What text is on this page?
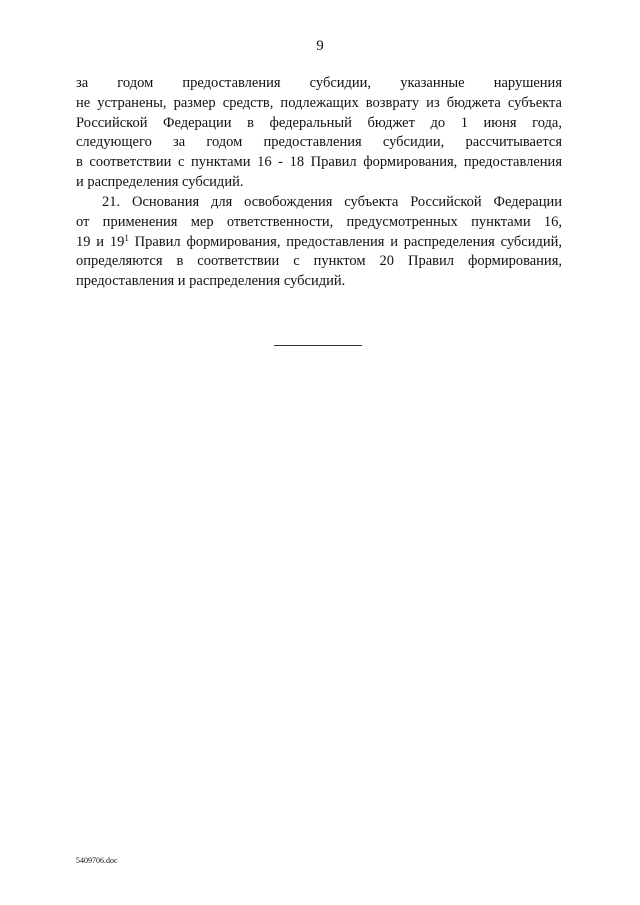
9
за годом предоставления субсидии, указанные нарушения
не устранены, размер средств, подлежащих возврату из бюджета субъекта
Российской Федерации в федеральный бюджет до 1 июня года,
следующего за годом предоставления субсидии, рассчитывается
в соответствии с пунктами 16 - 18 Правил формирования, предоставления
и распределения субсидий.
21. Основания для освобождения субъекта Российской Федерации
от применения мер ответственности, предусмотренных пунктами 16,
19 и $19^1$ Правил формирования, предоставления и распределения субсидий,
определяются в соответствии с пунктом 20 Правил формирования,
предоставления и распределения субсидий.
5409706.doc
